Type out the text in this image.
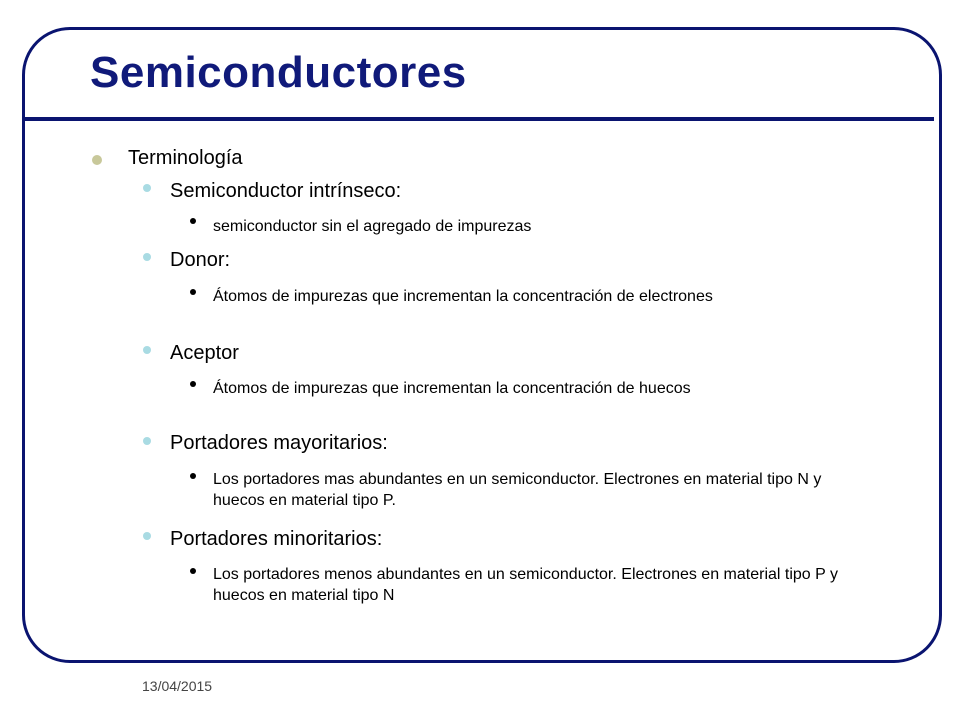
Semiconductores
Terminología
Semiconductor intrínseco:
semiconductor sin el agregado de impurezas
Donor:
Átomos de impurezas que incrementan la concentración de electrones
Aceptor
Átomos de impurezas que incrementan la concentración de huecos
Portadores mayoritarios:
Los portadores mas abundantes en un semiconductor. Electrones en material tipo N y huecos en material tipo P.
Portadores minoritarios:
Los portadores menos abundantes en un semiconductor. Electrones en material tipo P y huecos en material tipo N
13/04/2015
